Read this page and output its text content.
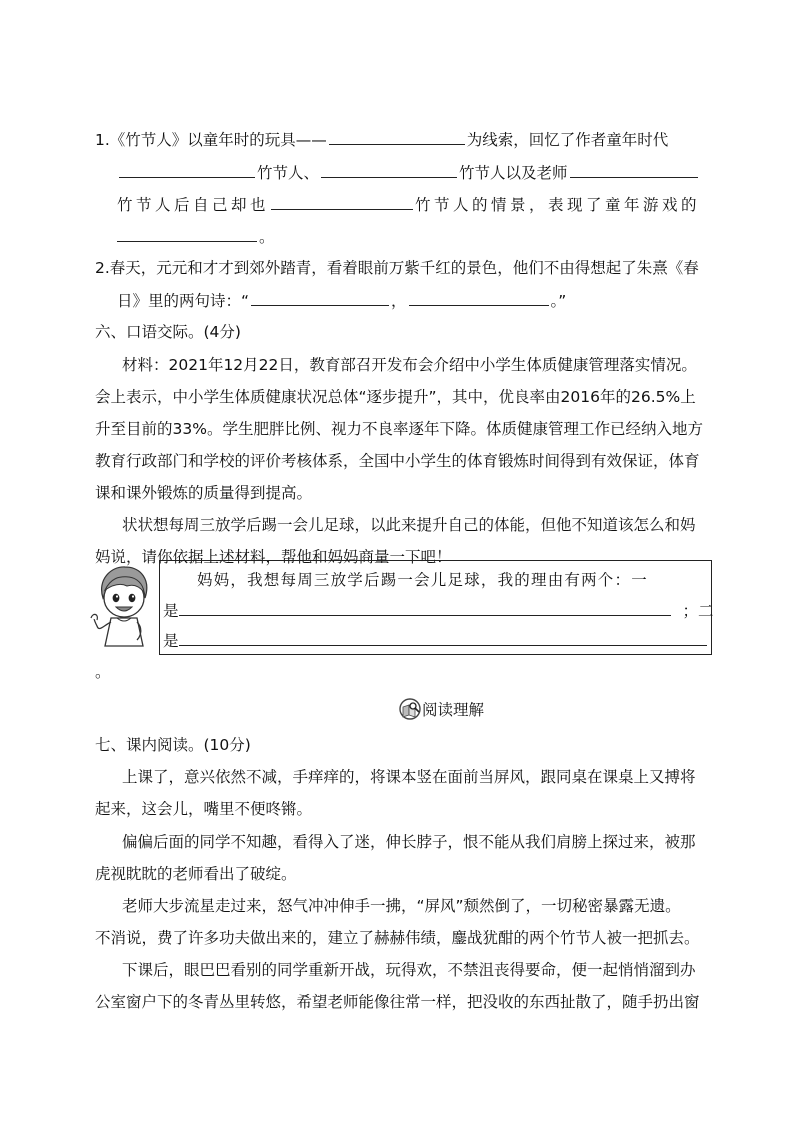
1.《竹节人》以童年时的玩具——	为线索，回忆了作者童年时代
竹节人、	竹节人以及老师
竹节人后自己却也	竹节人的情景，表现了童年游戏的
。
2.春天，元元和才才到郊外踏青，看着眼前万紫千红的景色，他们不由得想起了朱熹《春
日》里的两句诗：“	，	。”
六、口语交际。(4分)
材料：2021年12月22日，教育部召开发布会介绍中小学生体质健康管理落实情况。
会上表示，中小学生体质健康状况总体“逐步提升”，其中，优良率由2016年的26.5%上
升至目前的33%。学生肥胖比例、视力不良率逐年下降。体质健康管理工作已经纳入地方
教育行政部门和学校的评价考核体系，全国中小学生的体育锻炼时间得到有效保证，体育
课和课外锻炼的质量得到提高。
状状想每周三放学后踢一会儿足球，以此来提升自己的体能，但他不知道该怎么和妈
妈说，请你依据上述材料，帮他和妈妈商量一下吧！
妈妈，我想每周三放学后踢一会儿足球，我的理由有两个：一
是	；二
是
。
阅读理解
七、课内阅读。(10分)
上课了，意兴依然不减，手痒痒的，将课本竖在面前当屏风，跟同桌在课桌上又搏将
起来，这会儿，嘴里不便咚锵。
偏偏后面的同学不知趣，看得入了迷，伸长脖子，恨不能从我们肩膀上探过来，被那
虎视眈眈的老师看出了破绽。
老师大步流星走过来，怒气冲冲伸手一拂，“屏风”颓然倒了，一切秘密暴露无遗。
不消说，费了许多功夫做出来的，建立了赫赫伟绩，鏖战犹酣的两个竹节人被一把抓去。
下课后，眼巴巴看别的同学重新开战，玩得欢，不禁沮丧得要命，便一起悄悄溜到办
公室窗户下的冬青丛里转悠，希望老师能像往常一样，把没收的东西扯散了，随手扔出窗
